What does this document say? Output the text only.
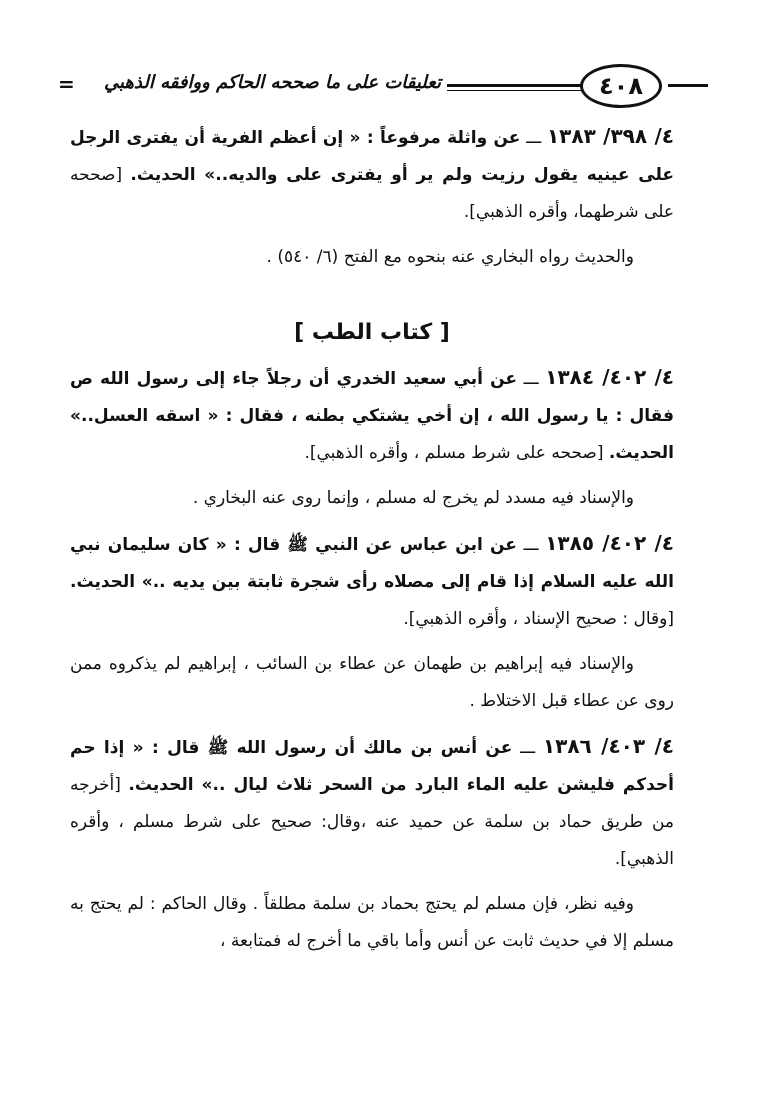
=	تعليقات على ما صححه الحاكم ووافقه الذهبي	٤٠٨

٤/ ٣٩٨/ ١٣٨٣ ـــ عن واثلة مرفوعاً : « إن أعظم الفرية أن يفترى الرجل على عينيه يقول رزيت ولم ير أو يفترى على والديه..» الحديث. [صححه على شرطهما، وأقره الذهبي].

والحديث رواه البخاري عنه بنحوه مع الفتح (٦/ ٥٤٠) .

[ كتاب الطب ]

٤/ ٤٠٢/ ١٣٨٤ ـــ عن أبي سعيد الخدري أن رجلاً جاء إلى رسول الله ص فقال : يا رسول الله ، إن أخي يشتكي بطنه ، فقال : « اسقه العسل..» الحديث. [صححه على شرط مسلم ، وأقره الذهبي].

والإسناد فيه مسدد لم يخرج له مسلم ، وإنما روى عنه البخاري .

٤/ ٤٠٢/ ١٣٨٥ ـــ عن ابن عباس عن النبي ﷺ قال : « كان سليمان نبي الله عليه السلام إذا قام إلى مصلاه رأى شجرة ثابتة بين يديه ..» الحديث. [وقال : صحيح الإسناد ، وأقره الذهبي].

والإسناد فيه إبراهيم بن طهمان عن عطاء بن السائب ، إبراهيم لم يذكروه ممن روى عن عطاء قبل الاختلاط .

٤/ ٤٠٣/ ١٣٨٦ ـــ عن أنس بن مالك أن رسول الله ﷺ قال : « إذا حم أحدكم فليشن عليه الماء البارد من السحر ثلاث ليال ..» الحديث. [أخرجه من طريق حماد بن سلمة عن حميد عنه ،وقال: صحيح على شرط مسلم ، وأقره الذهبي].

وفيه نظر، فإن مسلم لم يحتج بحماد بن سلمة مطلقاً . وقال الحاكم : لم يحتج به مسلم إلا في حديث ثابت عن أنس وأما باقي ما أخرج له فمتابعة ،
